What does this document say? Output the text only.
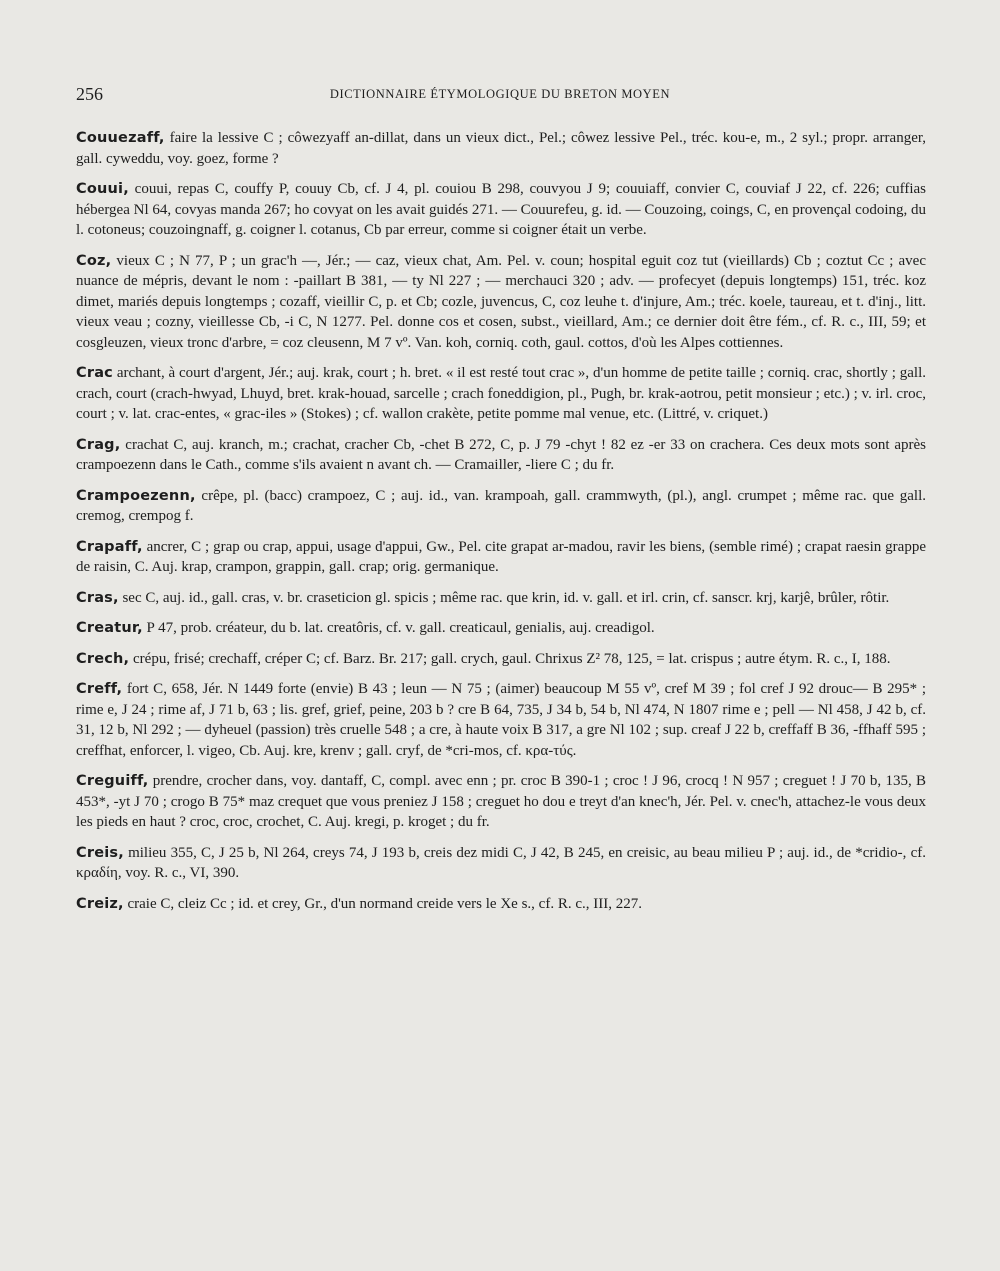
256	DICTIONNAIRE ÉTYMOLOGIQUE DU BRETON MOYEN

Couuezaff, faire la lessive C ; côwezyaff an-dillat, dans un vieux dict., Pel.; côwez lessive Pel., tréc. kou-e, m., 2 syl.; propr. arranger, gall. cyweddu, voy. goez, forme ?

Couui, couui, repas C, couffy P, couuy Cb, cf. J 4, pl. couiou B 298, couvyou J 9; couuiaff, convier C, couviaf J 22, cf. 226; cuffias hébergea Nl 64, covyas manda 267; ho covyat on les avait guidés 271. — Couurefeu, g. id. — Couzoing, coings, C, en provençal codoing, du l. cotoneus; couzoingnaff, g. coigner l. cotanus, Cb par erreur, comme si coigner était un verbe.

Coz, vieux C ; N 77, P ; un grac'h —, Jér.; — caz, vieux chat, Am. Pel. v. coun; hospital eguit coz tut (vieillards) Cb ; coztut Cc ; avec nuance de mépris, devant le nom : -paillart B 381, — ty Nl 227 ; — merchauci 320 ; adv. — profecyet (depuis longtemps) 151, tréc. koz dimet, mariés depuis longtemps ; cozaff, vieillir C, p. et Cb; cozle, juvencus, C, coz leuhe t. d'injure, Am.; tréc. koele, taureau, et t. d'inj., litt. vieux veau ; cozny, vieillesse Cb, -i C, N 1277. Pel. donne cos et cosen, subst., vieillard, Am.; ce dernier doit être fém., cf. R. c., III, 59; et cosgleuzen, vieux tronc d'arbre, = coz cleusenn, M 7 vº. Van. koh, corniq. coth, gaul. cottos, d'où les Alpes cottiennes.

Crac archant, à court d'argent, Jér.; auj. krak, court ; h. bret. « il est resté tout crac », d'un homme de petite taille ; corniq. crac, shortly ; gall. crach, court (crach-hwyad, Lhuyd, bret. krak-houad, sarcelle ; crach foneddigion, pl., Pugh, br. krak-aotrou, petit monsieur ; etc.) ; v. irl. croc, court ; v. lat. crac-entes, « grac-iles » (Stokes) ; cf. wallon crakète, petite pomme mal venue, etc. (Littré, v. criquet.)

Crag, crachat C, auj. kranch, m.; crachat, cracher Cb, -chet B 272, C, p. J 79 -chyt ! 82 ez -er 33 on crachera. Ces deux mots sont après crampoezenn dans le Cath., comme s'ils avaient n avant ch. — Cramailler, -liere C ; du fr.

Crampoezenn, crêpe, pl. (bacc) crampoez, C ; auj. id., van. krampoah, gall. crammwyth, (pl.), angl. crumpet ; même rac. que gall. cremog, crempog f.

Crapaff, ancrer, C ; grap ou crap, appui, usage d'appui, Gw., Pel. cite grapat ar-madou, ravir les biens, (semble rimé) ; crapat raesin grappe de raisin, C. Auj. krap, crampon, grappin, gall. crap; orig. germanique.

Cras, sec C, auj. id., gall. cras, v. br. craseticion gl. spicis ; même rac. que krin, id. v. gall. et irl. crin, cf. sanscr. krj, karjê, brûler, rôtir.

Creatur, P 47, prob. créateur, du b. lat. creatôris, cf. v. gall. creaticaul, genialis, auj. creadigol.

Crech, crépu, frisé; crechaff, créper C; cf. Barz. Br. 217; gall. crych, gaul. Chrixus Z² 78, 125, = lat. crispus ; autre étym. R. c., I, 188.

Creff, fort C, 658, Jér. N 1449 forte (envie) B 43 ; leun — N 75 ; (aimer) beaucoup M 55 vº, cref M 39 ; fol cref J 92 drouc— B 295* ; rime e, J 24 ; rime af, J 71 b, 63 ; lis. gref, grief, peine, 203 b ? cre B 64, 735, J 34 b, 54 b, Nl 474, N 1807 rime e ; pell — Nl 458, J 42 b, cf. 31, 12 b, Nl 292 ; — dyheuel (passion) très cruelle 548 ; a cre, à haute voix B 317, a gre Nl 102 ; sup. creaf J 22 b, creffaff B 36, -ffhaff 595 ; creffhat, enforcer, l. vigeo, Cb. Auj. kre, krenv ; gall. cryf, de *cri-mos, cf. κρα-τύς.

Creguiff, prendre, crocher dans, voy. dantaff, C, compl. avec enn ; pr. croc B 390-1 ; croc ! J 96, crocq ! N 957 ; creguet ! J 70 b, 135, B 453*, -yt J 70 ; crogo B 75* maz crequet que vous preniez J 158 ; creguet ho dou e treyt d'an knec'h, Jér. Pel. v. cnec'h, attachez-le vous deux les pieds en haut ? croc, croc, crochet, C. Auj. kregi, p. kroget ; du fr.

Creis, milieu 355, C, J 25 b, Nl 264, creys 74, J 193 b, creis dez midi C, J 42, B 245, en creisic, au beau milieu P ; auj. id., de *cridio-, cf. κραδίη, voy. R. c., VI, 390.

Creiz, craie C, cleiz Cc ; id. et crey, Gr., d'un normand creide vers le Xe s., cf. R. c., III, 227.
